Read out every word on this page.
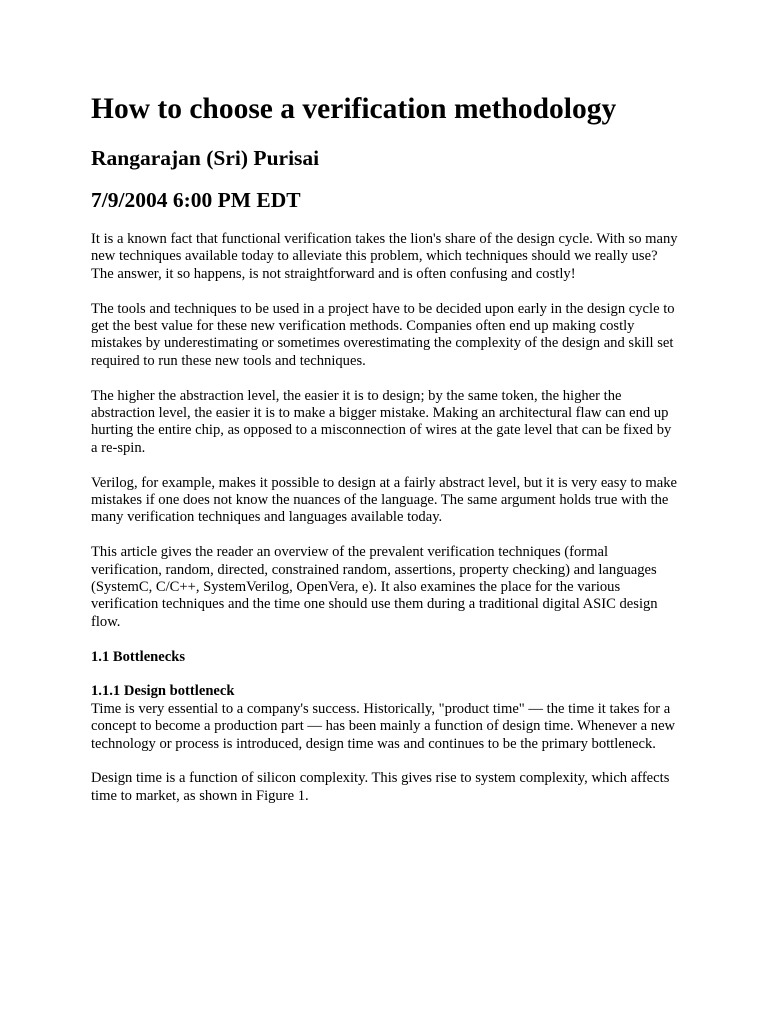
How to choose a verification methodology
Rangarajan (Sri) Purisai
7/9/2004 6:00 PM EDT

It is a known fact that functional verification takes the lion's share of the design cycle. With so many new techniques available today to alleviate this problem, which techniques should we really use? The answer, it so happens, is not straightforward and is often confusing and costly!

The tools and techniques to be used in a project have to be decided upon early in the design cycle to get the best value for these new verification methods. Companies often end up making costly mistakes by underestimating or sometimes overestimating the complexity of the design and skill set required to run these new tools and techniques.

The higher the abstraction level, the easier it is to design; by the same token, the higher the abstraction level, the easier it is to make a bigger mistake. Making an architectural flaw can end up hurting the entire chip, as opposed to a misconnection of wires at the gate level that can be fixed by a re-spin.

Verilog, for example, makes it possible to design at a fairly abstract level, but it is very easy to make mistakes if one does not know the nuances of the language. The same argument holds true with the many verification techniques and languages available today.

This article gives the reader an overview of the prevalent verification techniques (formal verification, random, directed, constrained random, assertions, property checking) and languages (SystemC, C/C++, SystemVerilog, OpenVera, e). It also examines the place for the various verification techniques and the time one should use them during a traditional digital ASIC design flow.

1.1 Bottlenecks
1.1.1 Design bottleneck

Time is very essential to a company's success. Historically, "product time" — the time it takes for a concept to become a production part — has been mainly a function of design time. Whenever a new technology or process is introduced, design time was and continues to be the primary bottleneck.

Design time is a function of silicon complexity. This gives rise to system complexity, which affects time to market, as shown in Figure 1.
